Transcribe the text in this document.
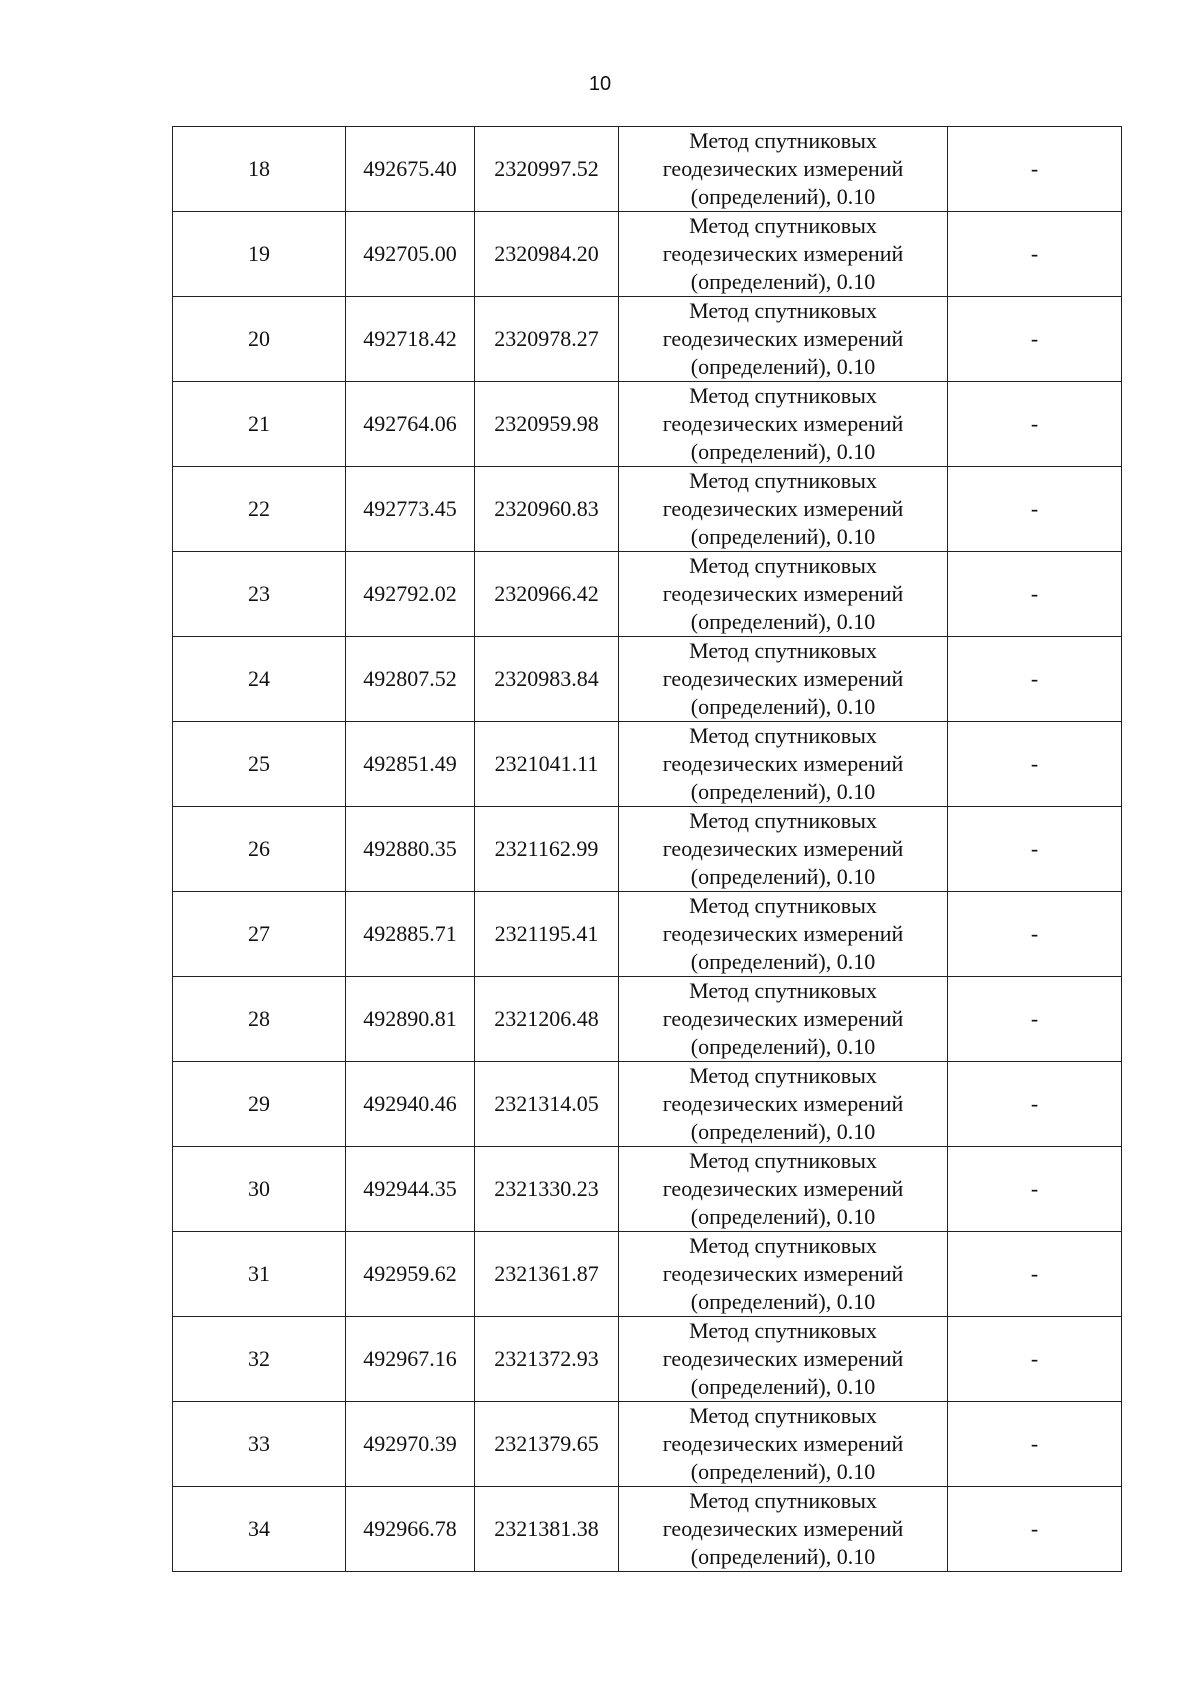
10
18	492675.40	2320997.52	Метод спутниковых
геодезических измерений
(определений), 0.10	-
19	492705.00	2320984.20	Метод спутниковых
геодезических измерений
(определений), 0.10	-
20	492718.42	2320978.27	Метод спутниковых
геодезических измерений
(определений), 0.10	-
21	492764.06	2320959.98	Метод спутниковых
геодезических измерений
(определений), 0.10	-
22	492773.45	2320960.83	Метод спутниковых
геодезических измерений
(определений), 0.10	-
23	492792.02	2320966.42	Метод спутниковых
геодезических измерений
(определений), 0.10	-
24	492807.52	2320983.84	Метод спутниковых
геодезических измерений
(определений), 0.10	-
25	492851.49	2321041.11	Метод спутниковых
геодезических измерений
(определений), 0.10	-
26	492880.35	2321162.99	Метод спутниковых
геодезических измерений
(определений), 0.10	-
27	492885.71	2321195.41	Метод спутниковых
геодезических измерений
(определений), 0.10	-
28	492890.81	2321206.48	Метод спутниковых
геодезических измерений
(определений), 0.10	-
29	492940.46	2321314.05	Метод спутниковых
геодезических измерений
(определений), 0.10	-
30	492944.35	2321330.23	Метод спутниковых
геодезических измерений
(определений), 0.10	-
31	492959.62	2321361.87	Метод спутниковых
геодезических измерений
(определений), 0.10	-
32	492967.16	2321372.93	Метод спутниковых
геодезических измерений
(определений), 0.10	-
33	492970.39	2321379.65	Метод спутниковых
геодезических измерений
(определений), 0.10	-
34	492966.78	2321381.38	Метод спутниковых
геодезических измерений
(определений), 0.10	-
